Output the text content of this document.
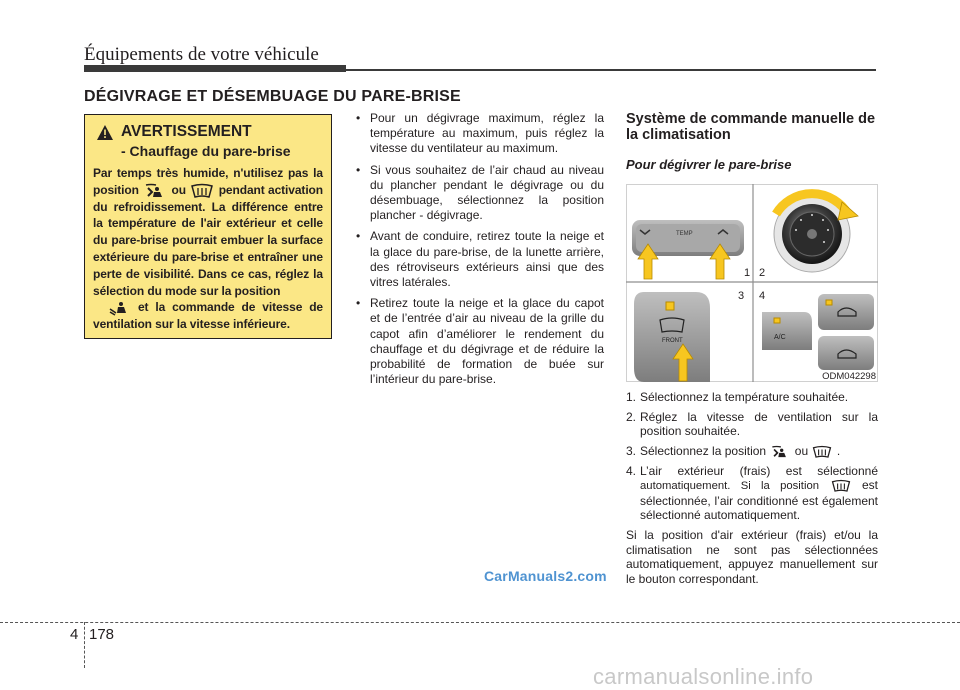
Équipements de votre véhicule
DÉGIVRAGE ET DÉSEMBUAGE DU PARE-BRISE
AVERTISSEMENT
- Chauffage du pare-brise

Par temps très humide, n'utilisez pas la position	ou	pendant activation du refroidissement. La différence entre la température de l'air extérieur et celle du pare-brise pourrait embuer la surface extérieure du pare-brise et entraîner une perte de visibilité. Dans ce cas, réglez la sélection du mode sur la position
et la commande de vitesse de ventilation sur la vitesse inférieure.

• Pour un dégivrage maximum, réglez la température au maximum, puis réglez la vitesse du ventilateur au maximum.

• Si vous souhaitez de l’air chaud au niveau du plancher pendant le dégivrage ou du désembuage, sélectionnez la position plancher - dégivrage.

• Avant de conduire, retirez toute la neige et la glace du pare-brise, de la lunette arrière, des rétroviseurs extérieurs ainsi que des vitres latérales.

• Retirez toute la neige et la glace du capot et de l’entrée d’air au niveau de la grille du capot afin d’améliorer le rendement du chauffage et du dégivrage et de réduire la probabilité de formation de buée sur l’intérieur du pare-brise.

Système de commande manuelle de la climatisation

Pour dégivrer le pare-brise

TEMP
1 2
3
FRONT
4
A/C
ODM042298

1. Sélectionnez la température souhaitée.

2. Réglez la vitesse de ventilation sur la position souhaitée.

3. Sélectionnez la position ou .

4. L’air extérieur (frais) est sélectionné automatiquement. Si la position	est sélectionnée, l’air conditionné est également sélectionné automatiquement.

Si la position d'air extérieur (frais) et/ou la climatisation ne sont pas sélectionnées automatiquement, appuyez manuellement sur le bouton correspondant.

CarManuals2.com
4 178
carmanualsonline.info
